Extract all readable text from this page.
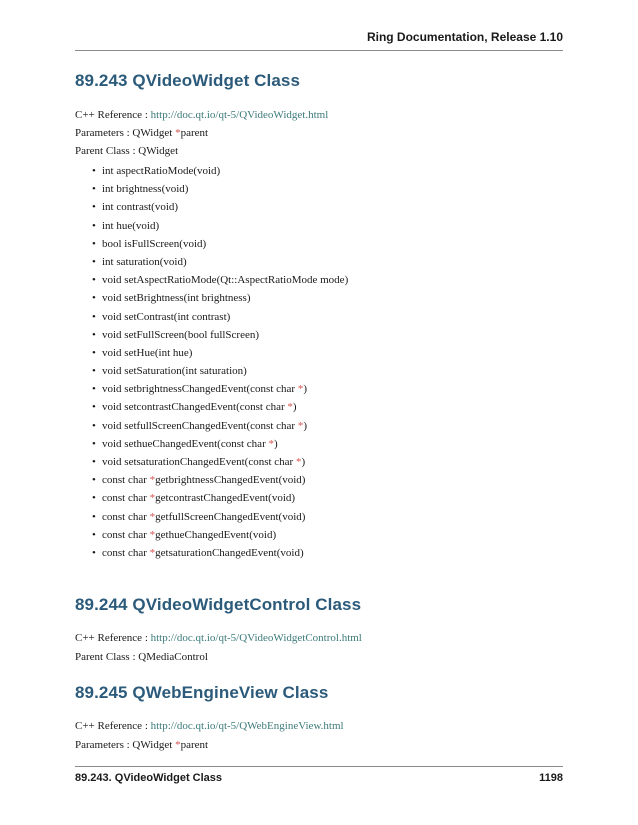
Ring Documentation, Release 1.10
89.243 QVideoWidget Class

C++ Reference : http://doc.qt.io/qt-5/QVideoWidget.html

Parameters : QWidget *parent

Parent Class : QWidget

• int aspectRatioMode(void)
• int brightness(void)
• int contrast(void)
• int hue(void)
• bool isFullScreen(void)
• int saturation(void)
• void setAspectRatioMode(Qt::AspectRatioMode mode)
• void setBrightness(int brightness)
• void setContrast(int contrast)
• void setFullScreen(bool fullScreen)
• void setHue(int hue)
• void setSaturation(int saturation)
• void setbrightnessChangedEvent(const char *)
• void setcontrastChangedEvent(const char *)
• void setfullScreenChangedEvent(const char *)
• void sethueChangedEvent(const char *)
• void setsaturationChangedEvent(const char *)
• const char *getbrightnessChangedEvent(void)
• const char *getcontrastChangedEvent(void)
• const char *getfullScreenChangedEvent(void)
• const char *gethueChangedEvent(void)
• const char *getsaturationChangedEvent(void)
89.244 QVideoWidgetControl Class

C++ Reference : http://doc.qt.io/qt-5/QVideoWidgetControl.html

Parent Class : QMediaControl

89.245 QWebEngineView Class

C++ Reference : http://doc.qt.io/qt-5/QWebEngineView.html

Parameters : QWidget *parent

89.243. QVideoWidget Class	1198
